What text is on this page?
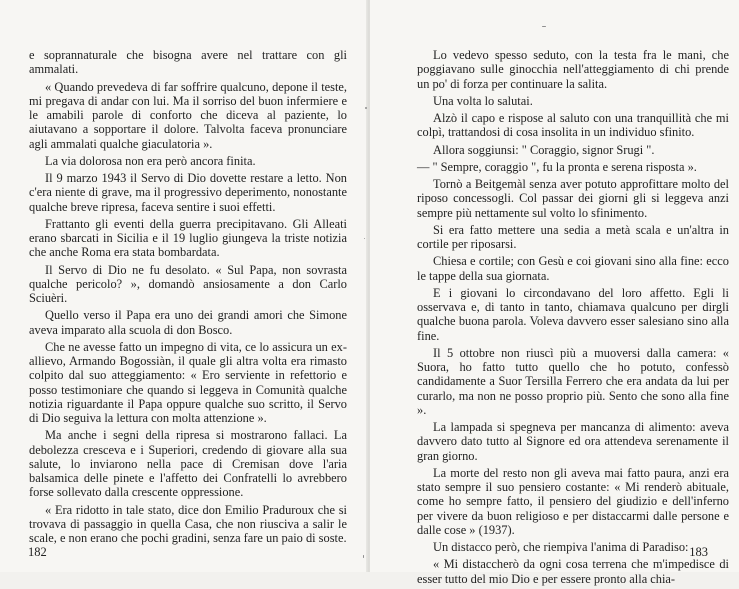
e soprannaturale che bisogna avere nel trattare con gli ammalati.

« Quando prevedeva di far soffrire qualcuno, depone il teste, mi pregava di andar con lui. Ma il sorriso del buon infermiere e le amabili parole di conforto che diceva al paziente, lo aiutavano a sopportare il dolore. Talvolta faceva pronunciare agli ammalati qualche giaculatoria ».

La via dolorosa non era però ancora finita.

Il 9 marzo 1943 il Servo di Dio dovette restare a letto. Non c'era niente di grave, ma il progressivo deperimento, nonostante qualche breve ripresa, faceva sentire i suoi effetti.

Frattanto gli eventi della guerra precipitavano. Gli Alleati erano sbarcati in Sicilia e il 19 luglio giungeva la triste notizia che anche Roma era stata bombardata.

Il Servo di Dio ne fu desolato. « Sul Papa, non sovrasta qualche pericolo? », domandò ansiosamente a don Carlo Sciuèri.

Quello verso il Papa era uno dei grandi amori che Simone aveva imparato alla scuola di don Bosco.

Che ne avesse fatto un impegno di vita, ce lo assicura un ex-allievo, Armando Bogossiàn, il quale gli altra volta era rimasto colpito dal suo atteggiamento: « Ero serviente in refettorio e posso testimoniare che quando si leggeva in Comunità qualche notizia riguardante il Papa oppure qualche suo scritto, il Servo di Dio seguiva la lettura con molta attenzione ».

Ma anche i segni della ripresa si mostrarono fallaci. La debolezza cresceva e i Superiori, credendo di giovare alla sua salute, lo inviarono nella pace di Cremisan dove l'aria balsamica delle pinete e l'affetto dei Confratelli lo avrebbero forse sollevato dalla crescente oppressione.

« Era ridotto in tale stato, dice don Emilio Pradurоux che si trovava di passaggio in quella Casa, che non riusciva a salir le scale, e non erano che pochi gradini, senza fare un paio di soste.

182

Lo vedevo spesso seduto, con la testa fra le mani, che poggiavano sulle ginocchia nell'atteggiamento di chi prende un po' di forza per continuare la salita.

Una volta lo salutai.

Alzò il capo e rispose al saluto con una tranquillità che mi colpì, trattandosi di cosa insolita in un individuo sfinito.

Allora soggiunsi: " Coraggio, signor Srugi ".

— " Sempre, coraggio ", fu la pronta e serena risposta ».

Tornò a Beitgemàl senza aver potuto approfittare molto del riposo concessogli. Col passar dei giorni gli si leggeva anzi sempre più nettamente sul volto lo sfinimento.

Si era fatto mettere una sedia a metà scala e un'altra in cortile per riposarsi.

Chiesa e cortile; con Gesù e coi giovani sino alla fine: ecco le tappe della sua giornata.

E i giovani lo circondavano del loro affetto. Egli li osservava e, di tanto in tanto, chiamava qualcuno per dirgli qualche buona parola. Voleva davvero esser salesiano sino alla fine.

Il 5 ottobre non riuscì più a muoversi dalla camera: « Suora, ho fatto tutto quello che ho potuto, confessò candidamente a Suor Tersilla Ferrero che era andata da lui per curarlo, ma non ne posso proprio più. Sento che sono alla fine ».

La lampada si spegneva per mancanza di alimento: aveva davvero dato tutto al Signore ed ora attendeva serenamente il gran giorno.

La morte del resto non gli aveva mai fatto paura, anzi era stato sempre il suo pensiero costante: « Mi renderò abituale, come ho sempre fatto, il pensiero del giudizio e dell'inferno per vivere da buon religioso e per distaccarmi dalle persone e dalle cose » (1937).

Un distacco però, che riempiva l'anima di Paradiso:

« Mi distaccherò da ogni cosa terrena che m'impedisce di esser tutto del mio Dio e per essere pronto alla chia-

183
